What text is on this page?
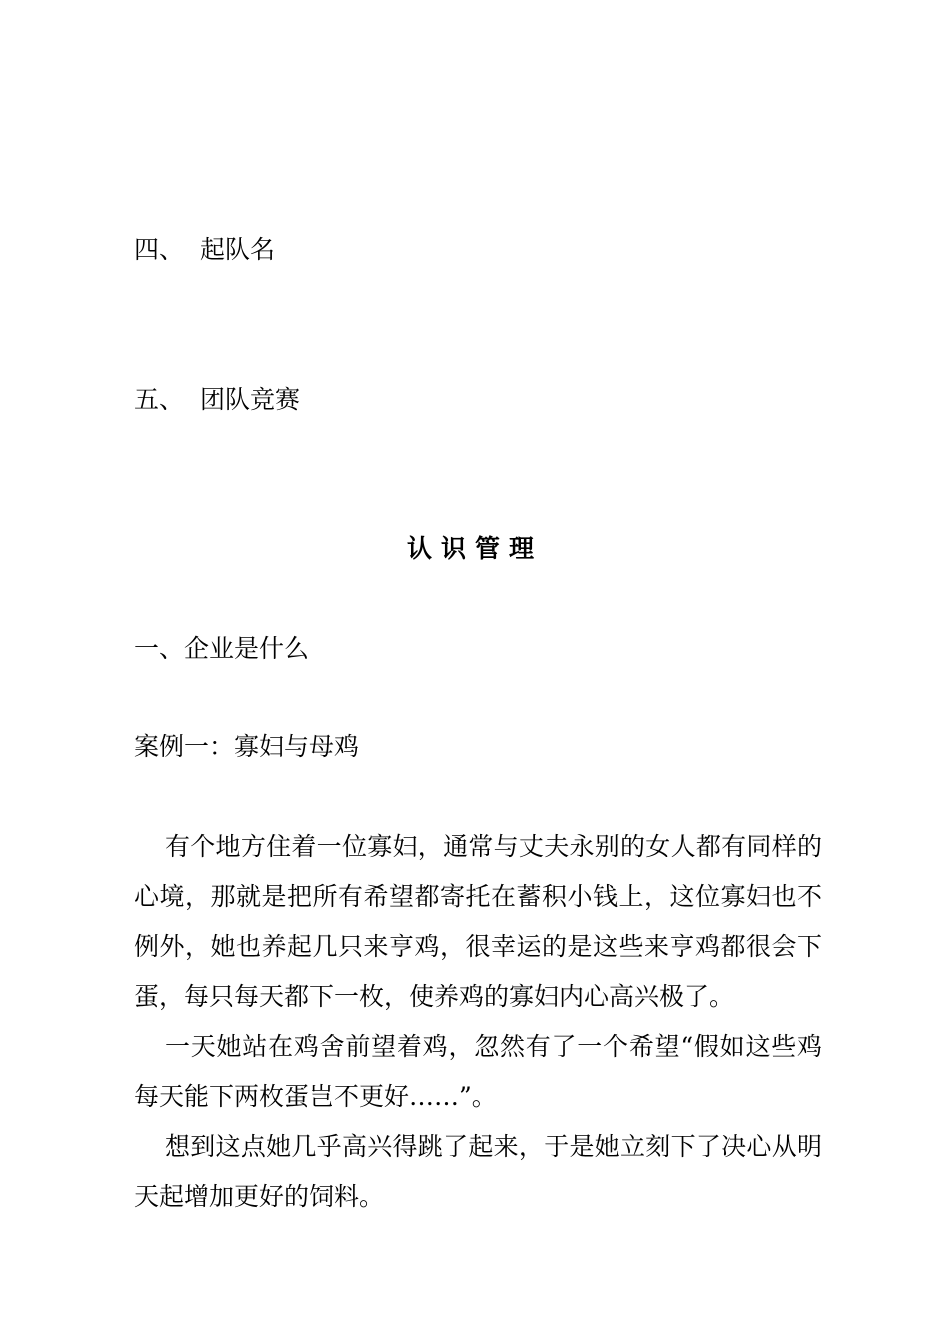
四、 起队名
五、 团队竞赛
认识管理
一、企业是什么
案例一：寡妇与母鸡
有个地方住着一位寡妇，通常与丈夫永别的女人都有同样的心境，那就是把所有希望都寄托在蓄积小钱上，这位寡妇也不例外，她也养起几只来亨鸡，很幸运的是这些来亨鸡都很会下蛋，每只每天都下一枚，使养鸡的寡妇内心高兴极了。
一天她站在鸡舍前望着鸡，忽然有了一个希望“假如这些鸡每天能下两枚蛋岂不更好……”。
想到这点她几乎高兴得跳了起来，于是她立刻下了决心从明天起增加更好的饲料。
